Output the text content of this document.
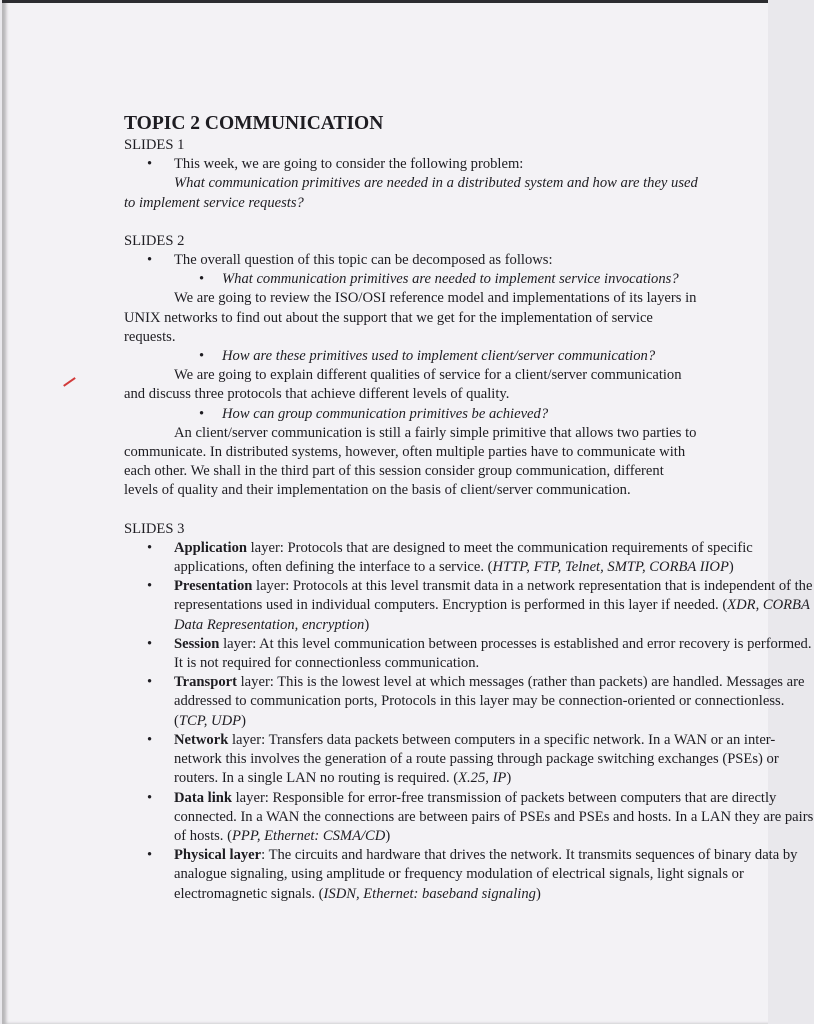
TOPIC 2 COMMUNICATION

SLIDES 1

• This week, we are going to consider the following problem:
What communication primitives are needed in a distributed system and how are they used
to implement service requests?

SLIDES 2

• The overall question of this topic can be decomposed as follows:
• What communication primitives are needed to implement service invocations?
We are going to review the ISO/OSI reference model and implementations of its layers in
UNIX networks to find out about the support that we get for the implementation of service
requests.
• How are these primitives used to implement client/server communication?
We are going to explain different qualities of service for a client/server communication
and discuss three protocols that achieve different levels of quality.
• How can group communication primitives be achieved?
An client/server communication is still a fairly simple primitive that allows two parties to
communicate. In distributed systems, however, often multiple parties have to communicate with
each other. We shall in the third part of this session consider group communication, different
levels of quality and their implementation on the basis of client/server communication.

SLIDES 3

• Application layer: Protocols that are designed to meet the communication requirements of specific applications, often defining the interface to a service. (HTTP, FTP, Telnet, SMTP, CORBA IIOP)
• Presentation layer: Protocols at this level transmit data in a network representation that is independent of the representations used in individual computers. Encryption is performed in this layer if needed. (XDR, CORBA Data Representation, encryption)
• Session layer: At this level communication between processes is established and error recovery is performed. It is not required for connectionless communication.
• Transport layer: This is the lowest level at which messages (rather than packets) are handled. Messages are addressed to communication ports, Protocols in this layer may be connection-oriented or connectionless. (TCP, UDP)
• Network layer: Transfers data packets between computers in a specific network. In a WAN or an inter-network this involves the generation of a route passing through package switching exchanges (PSEs) or routers. In a single LAN no routing is required. (X.25, IP)
• Data link layer: Responsible for error-free transmission of packets between computers that are directly connected. In a WAN the connections are between pairs of PSEs and PSEs and hosts. In a LAN they are pairs of hosts. (PPP, Ethernet: CSMA/CD)
• Physical layer: The circuits and hardware that drives the network. It transmits sequences of binary data by analogue signaling, using amplitude or frequency modulation of electrical signals, light signals or electromagnetic signals. (ISDN, Ethernet: baseband signaling)
